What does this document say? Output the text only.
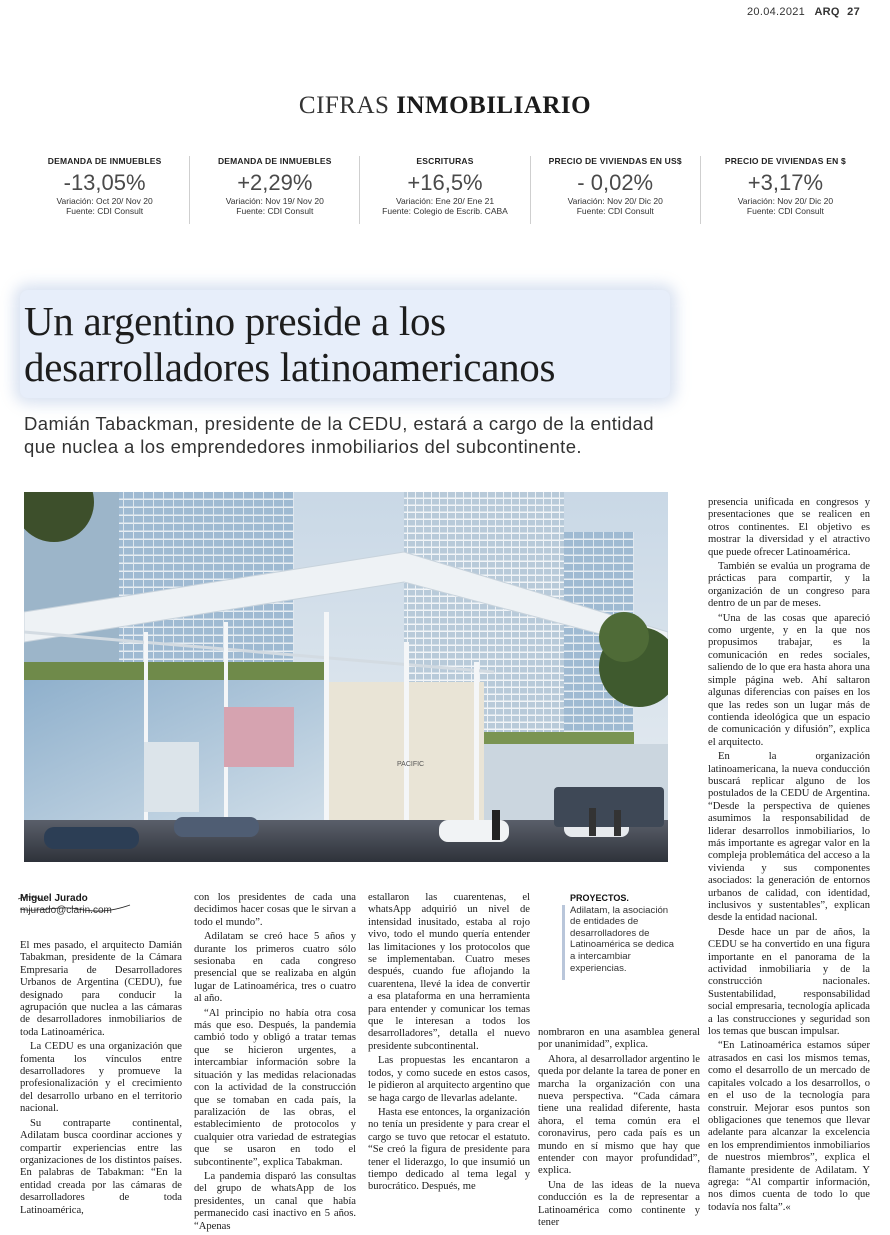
20.04.2021 ARQ 27
CIFRAS INMOBILIARIO
DEMANDA DE INMUEBLES
-13,05%
Variación: Oct 20/ Nov 20
Fuente: CDI Consult
DEMANDA DE INMUEBLES
+2,29%
Variación: Nov 19/ Nov 20
Fuente: CDI Consult
ESCRITURAS
+16,5%
Variación: Ene 20/ Ene 21
Fuente: Colegio de Escrib. CABA
PRECIO DE VIVIENDAS EN US$
- 0,02%
Variación: Nov 20/ Dic 20
Fuente: CDI Consult
PRECIO DE VIVIENDAS EN $
+3,17%
Variación: Nov 20/ Dic 20
Fuente: CDI Consult
Un argentino preside a los
desarrolladores latinoamericanos
Damián Tabackman, presidente de la CEDU, estará a cargo de la entidad
que nuclea a los emprendedores inmobiliarios del subcontinente.
PACIFIC
Miguel Jurado
mjurado@clarin.com

El mes pasado, el arquitecto Damián Tabakman, presidente de la Cámara Empresaria de Desarrolladores Urbanos de Argentina (CEDU), fue designado para conducir la agrupación que nuclea a las cámaras de desarrolladores inmobiliarios de toda Latinoamérica.

La CEDU es una organización que fomenta los vínculos entre desarrolladores y promueve la profesionalización y el crecimiento del desarrollo urbano en el territorio nacional.

Su contraparte continental, Adilatam busca coordinar acciones y compartir experiencias entre las organizaciones de los distintos países. En palabras de Tabakman: “En la entidad creada por las cámaras de desarrolladores de toda Latinoamérica,

con los presidentes de cada una decidimos hacer cosas que le sirvan a todo el mundo”.

Adilatam se creó hace 5 años y durante los primeros cuatro sólo sesionaba en cada congreso presencial que se realizaba en algún lugar de Latinoamérica, tres o cuatro al año.

“Al principio no había otra cosa más que eso. Después, la pandemia cambió todo y obligó a tratar temas que se hicieron urgentes, a intercambiar información sobre la situación y las medidas relacionadas con la actividad de la construcción que se tomaban en cada país, la paralización de las obras, el establecimiento de protocolos y cualquier otra variedad de estrategias que se usaron en todo el subcontinente”, explica Tabakman.

La pandemia disparó las consultas del grupo de whatsApp de los presidentes, un canal que había permanecido casi inactivo en 5 años. “Apenas

estallaron las cuarentenas, el whatsApp adquirió un nivel de intensidad inusitado, estaba al rojo vivo, todo el mundo quería entender las limitaciones y los protocolos que se implementaban. Cuatro meses después, cuando fue aflojando la cuarentena, llevé la idea de convertir a esa plataforma en una herramienta para entender y comunicar los temas que le interesan a todos los desarrolladores”, detalla el nuevo presidente subcontinental.

Las propuestas les encantaron a todos, y como sucede en estos casos, le pidieron al arquitecto argentino que se haga cargo de llevarlas adelante.

Hasta ese entonces, la organización no tenía un presidente y para crear el cargo se tuvo que retocar el estatuto. “Se creó la figura de presidente para tener el liderazgo, lo que insumió un tiempo dedicado al tema legal y burocrático. Después, me

PROYECTOS.
Adilatam, la asociación de entidades de desarrolladores de Latinoamérica se dedica a intercambiar experiencias.

nombraron en una asamblea general por unanimidad”, explica.

Ahora, al desarrollador argentino le queda por delante la tarea de poner en marcha la organización con una nueva perspectiva. “Cada cámara tiene una realidad diferente, hasta ahora, el tema común era el coronavirus, pero cada país es un mundo en sí mismo que hay que entender con mayor profundidad”, explica.

Una de las ideas de la nueva conducción es la de representar a Latinoamérica como continente y tener

presencia unificada en congresos y presentaciones que se realicen en otros continentes. El objetivo es mostrar la diversidad y el atractivo que puede ofrecer Latinoamérica.

También se evalúa un programa de prácticas para compartir, y la organización de un congreso para dentro de un par de meses.

“Una de las cosas que apareció como urgente, y en la que nos propusimos trabajar, es la comunicación en redes sociales, saliendo de lo que era hasta ahora una simple página web. Ahí saltaron algunas diferencias con países en los que las redes son un lugar más de contienda ideológica que un espacio de comunicación y difusión”, explica el arquitecto.

En la organización latinoamericana, la nueva conducción buscará replicar alguno de los postulados de la CEDU de Argentina. “Desde la perspectiva de quienes asumimos la responsabilidad de liderar desarrollos inmobiliarios, lo más importante es agregar valor en la compleja problemática del acceso a la vivienda y sus componentes asociados: la generación de entornos urbanos de calidad, con identidad, inclusivos y sustentables”, explican desde la entidad nacional.

Desde hace un par de años, la CEDU se ha convertido en una figura importante en el panorama de la actividad inmobiliaria y de la construcción nacionales. Sustentabilidad, responsabilidad social empresaria, tecnología aplicada a las construcciones y seguridad son los temas que buscan impulsar.

“En Latinoamérica estamos súper atrasados en casi los mismos temas, como el desarrollo de un mercado de capitales volcado a los desarrollos, o en el uso de la tecnología para construir. Mejorar esos puntos son obligaciones que tenemos que llevar adelante para alcanzar la excelencia en los emprendimientos inmobiliarios de nuestros miembros”, explica el flamante presidente de Adilatam. Y agrega: “Al compartir información, nos dimos cuenta de todo lo que todavía nos falta”.«
